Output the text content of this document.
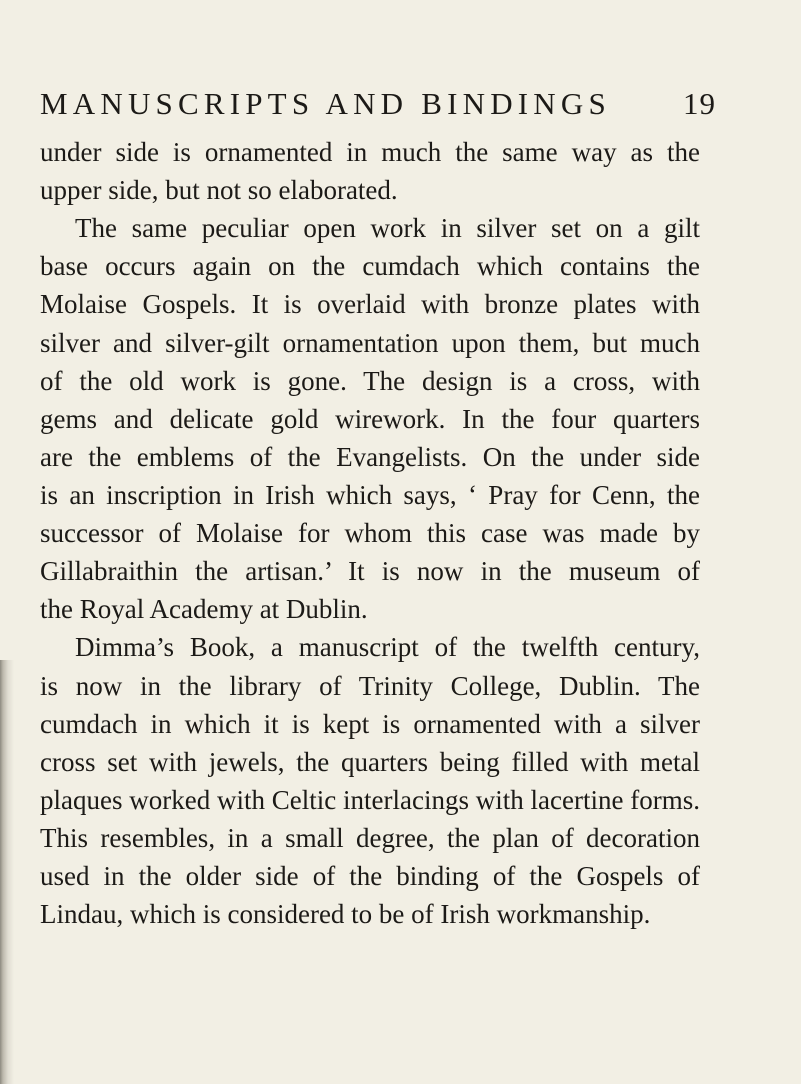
MANUSCRIPTS AND BINDINGS 19
under side is ornamented in much the same way as the
upper side, but not so elaborated.
The same peculiar open work in silver set on a gilt
base occurs again on the cumdach which contains the
Molaise Gospels. It is overlaid with bronze plates with
silver and silver-gilt ornamentation upon them, but much
of the old work is gone. The design is a cross, with
gems and delicate gold wirework. In the four quarters
are the emblems of the Evangelists. On the under side
is an inscription in Irish which says, ‘ Pray for Cenn, the
successor of Molaise for whom this case was made by
Gillabraithin the artisan.’ It is now in the museum of
the Royal Academy at Dublin.
Dimma’s Book, a manuscript of the twelfth century,
is now in the library of Trinity College, Dublin. The
cumdach in which it is kept is ornamented with a silver
cross set with jewels, the quarters being filled with metal
plaques worked with Celtic interlacings with lacertine forms.
This resembles, in a small degree, the plan of decoration
used in the older side of the binding of the Gospels of
Lindau, which is considered to be of Irish workmanship.
